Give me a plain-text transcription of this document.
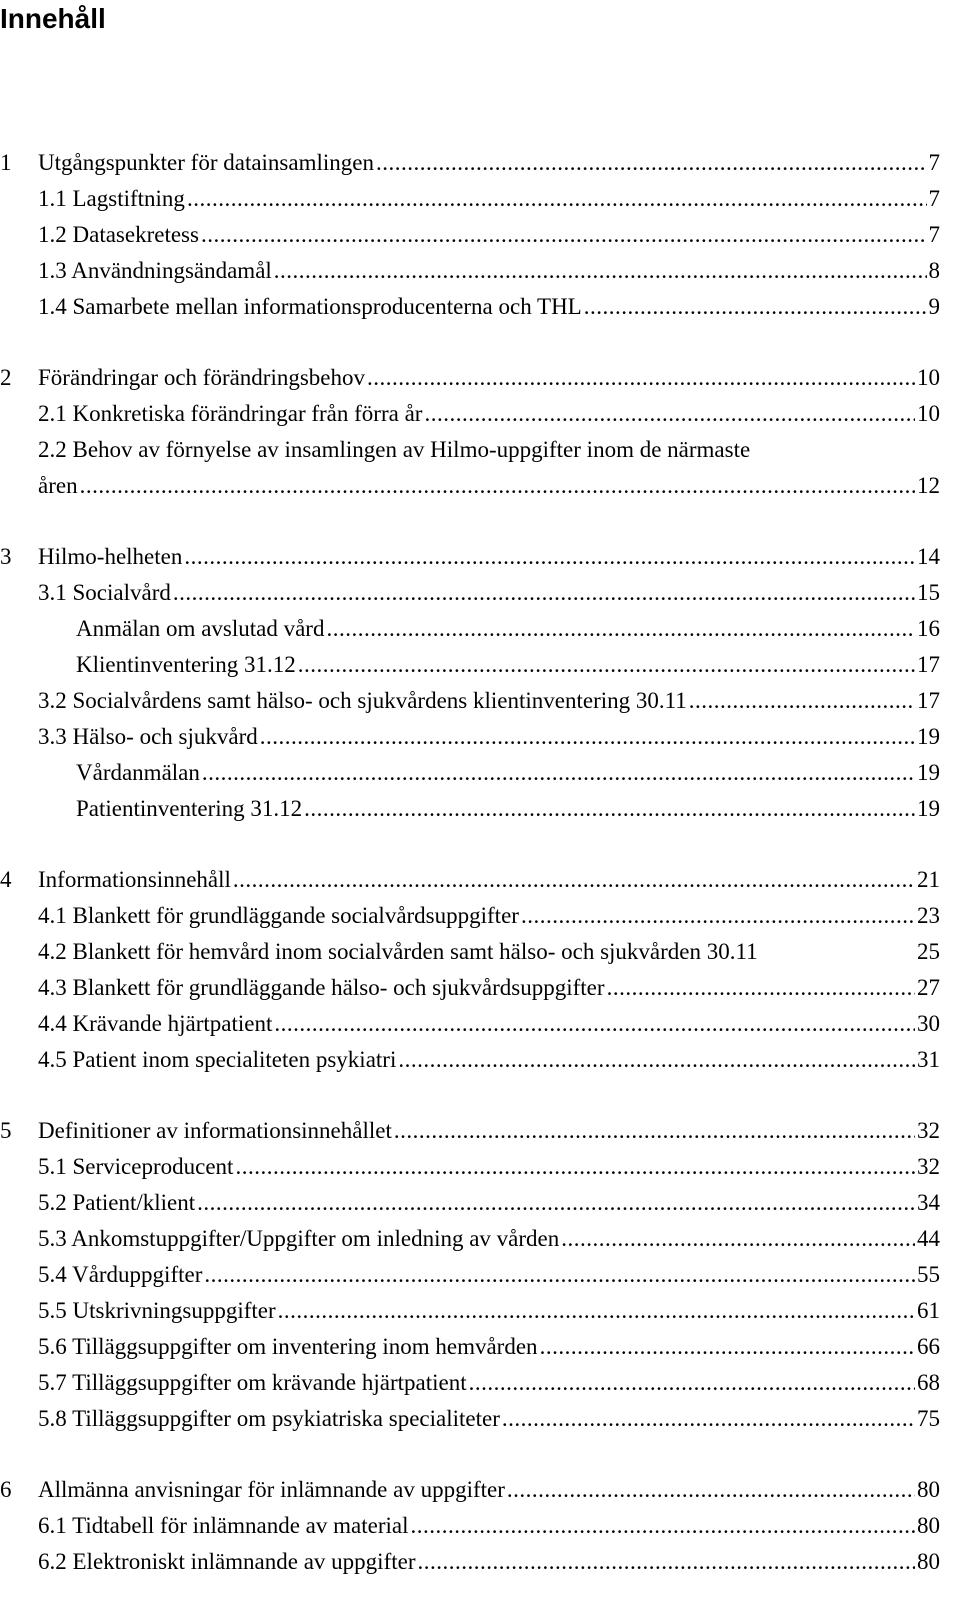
Innehåll
1 Utgångspunkter för datainsamlingen .....	7
1.1 Lagstiftning .....	7
1.2 Datasekretess .....	7
1.3 Användningsändamål .....	8
1.4 Samarbete mellan informationsproducenterna och THL .....	9
2 Förändringar och förändringsbehov .....	10
2.1 Konkretiska förändringar från förra år .....	10
2.2 Behov av förnyelse av insamlingen av Hilmo-uppgifter inom de närmaste
åren .....	12
3 Hilmo-helheten .....	14
3.1 Socialvård .....	15
Anmälan om avslutad vård .....	16
Klientinventering 31.12 .....	17
3.2 Socialvårdens samt hälso- och sjukvårdens klientinventering 30.11 .....	17
3.3 Hälso- och sjukvård .....	19
Vårdanmälan .....	19
Patientinventering 31.12 .....	19
4 Informationsinnehåll .....	21
4.1 Blankett för grundläggande socialvårdsuppgifter .....	23
4.2 Blankett för hemvård inom socialvården samt hälso- och sjukvården 30.11	25
4.3 Blankett för grundläggande hälso- och sjukvårdsuppgifter .....	27
4.4 Krävande hjärtpatient .....	30
4.5 Patient inom specialiteten psykiatri .....	31
5 Definitioner av informationsinnehållet .....	32
5.1 Serviceproducent .....	32
5.2 Patient/klient .....	34
5.3 Ankomstuppgifter/Uppgifter om inledning av vården .....	44
5.4 Vårduppgifter .....	55
5.5 Utskrivningsuppgifter .....	61
5.6 Tilläggsuppgifter om inventering inom hemvården .....	66
5.7 Tilläggsuppgifter om krävande hjärtpatient .....	68
5.8 Tilläggsuppgifter om psykiatriska specialiteter .....	75
6 Allmänna anvisningar för inlämnande av uppgifter .....	80
6.1 Tidtabell för inlämnande av material .....	80
6.2 Elektroniskt inlämnande av uppgifter .....	80
